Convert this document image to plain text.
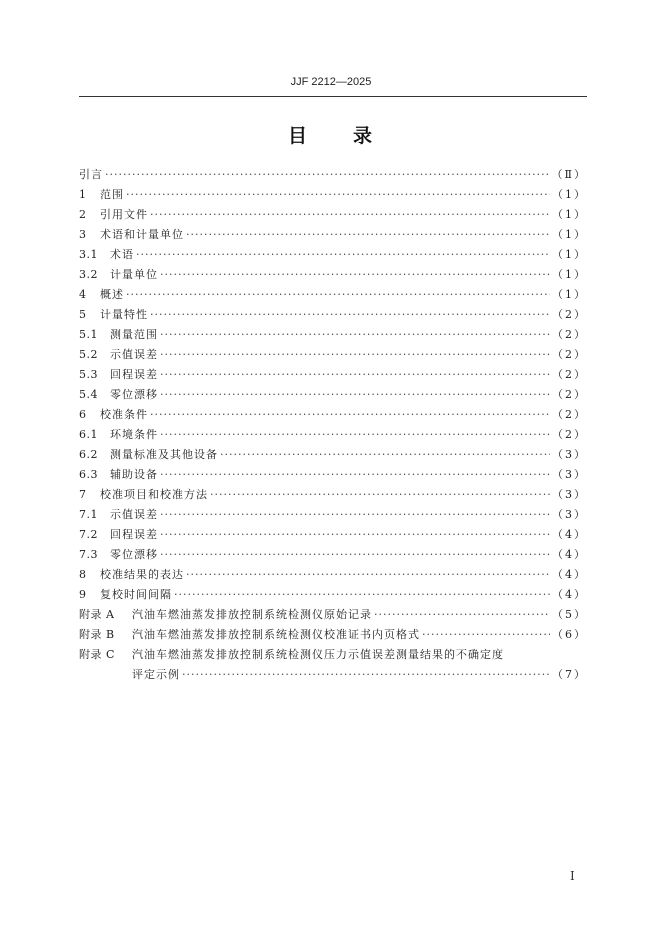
JJF 2212—2025
目 录
引言 ·····	（Ⅱ）
1	范围 ·····	（1）
2	引用文件 ·····	（1）
3	术语和计量单位 ·····	（1）
3.1	术语 ·····	（1）
3.2	计量单位 ·····	（1）
4	概述 ·····	（1）
5	计量特性 ·····	（2）
5.1	测量范围 ·····	（2）
5.2	示值误差 ·····	（2）
5.3	回程误差 ·····	（2）
5.4	零位漂移 ·····	（2）
6	校准条件 ·····	（2）
6.1	环境条件 ·····	（2）
6.2	测量标准及其他设备 ·····	（3）
6.3	辅助设备 ·····	（3）
7	校准项目和校准方法 ·····	（3）
7.1	示值误差 ·····	（3）
7.2	回程误差 ·····	（4）
7.3	零位漂移 ·····	（4）
8	校准结果的表达 ·····	（4）
9	复校时间间隔 ·····	（4）
附录 A	汽油车燃油蒸发排放控制系统检测仪原始记录 ·····	（5）
附录 B	汽油车燃油蒸发排放控制系统检测仪校准证书内页格式 ·····	（6）
附录 C	汽油车燃油蒸发排放控制系统检测仪压力示值误差测量结果的不确定度
评定示例 ·····	（7）
I
